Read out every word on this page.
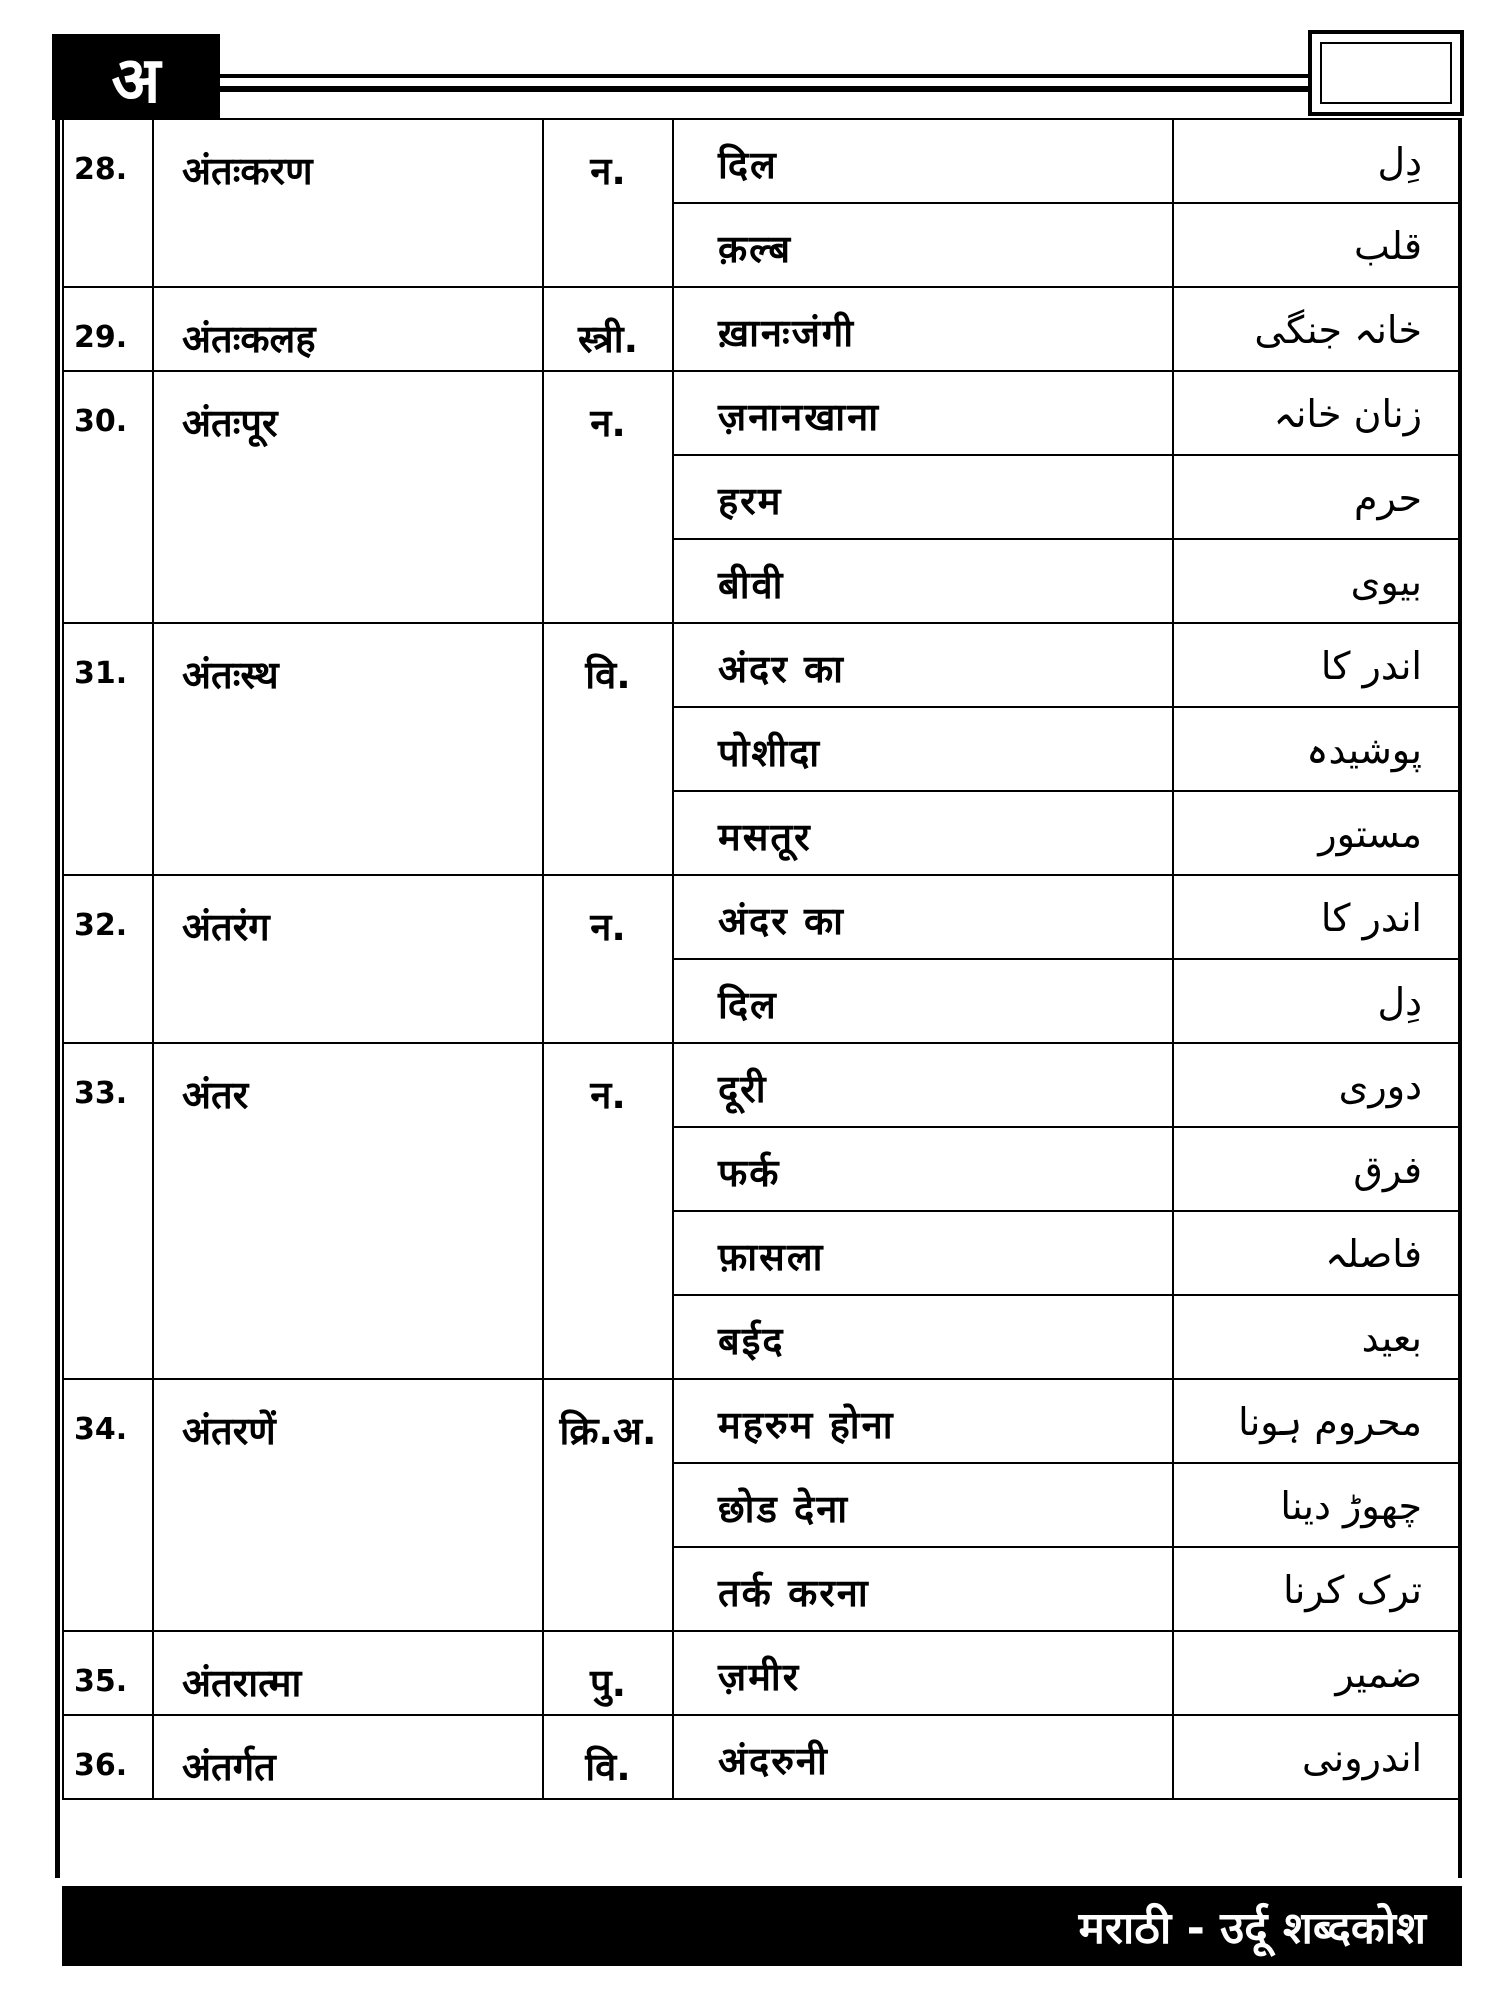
अ
28.	अंतःकरण	न.	दिल	دِل
			क़ल्ब	قلب
29.	अंतःकलह	स्त्री.	ख़ानःजंगी	خانہ جنگی
30.	अंतःपूर	न.	ज़नानखाना	زنان خانہ
			हरम	حرم
			बीवी	بیوی
31.	अंतःस्थ	वि.	अंदर का	اندر کا
			पोशीदा	پوشیدہ
			मसतूर	مستور
32.	अंतरंग	न.	अंदर का	اندر کا
			दिल	دِل
33.	अंतर	न.	दूरी	دوری
			फर्क	فرق
			फ़ासला	فاصلہ
			बईद	بعید
34.	अंतरणें	क्रि.अ.	महरुम होना	محروم ہونا
			छोड देना	چھوڑ دینا
			तर्क करना	ترک کرنا
35.	अंतरात्मा	पु.	ज़मीर	ضمیر
36.	अंतर्गत	वि.	अंदरुनी	اندرونی
मराठी - उर्दू शब्दकोश
